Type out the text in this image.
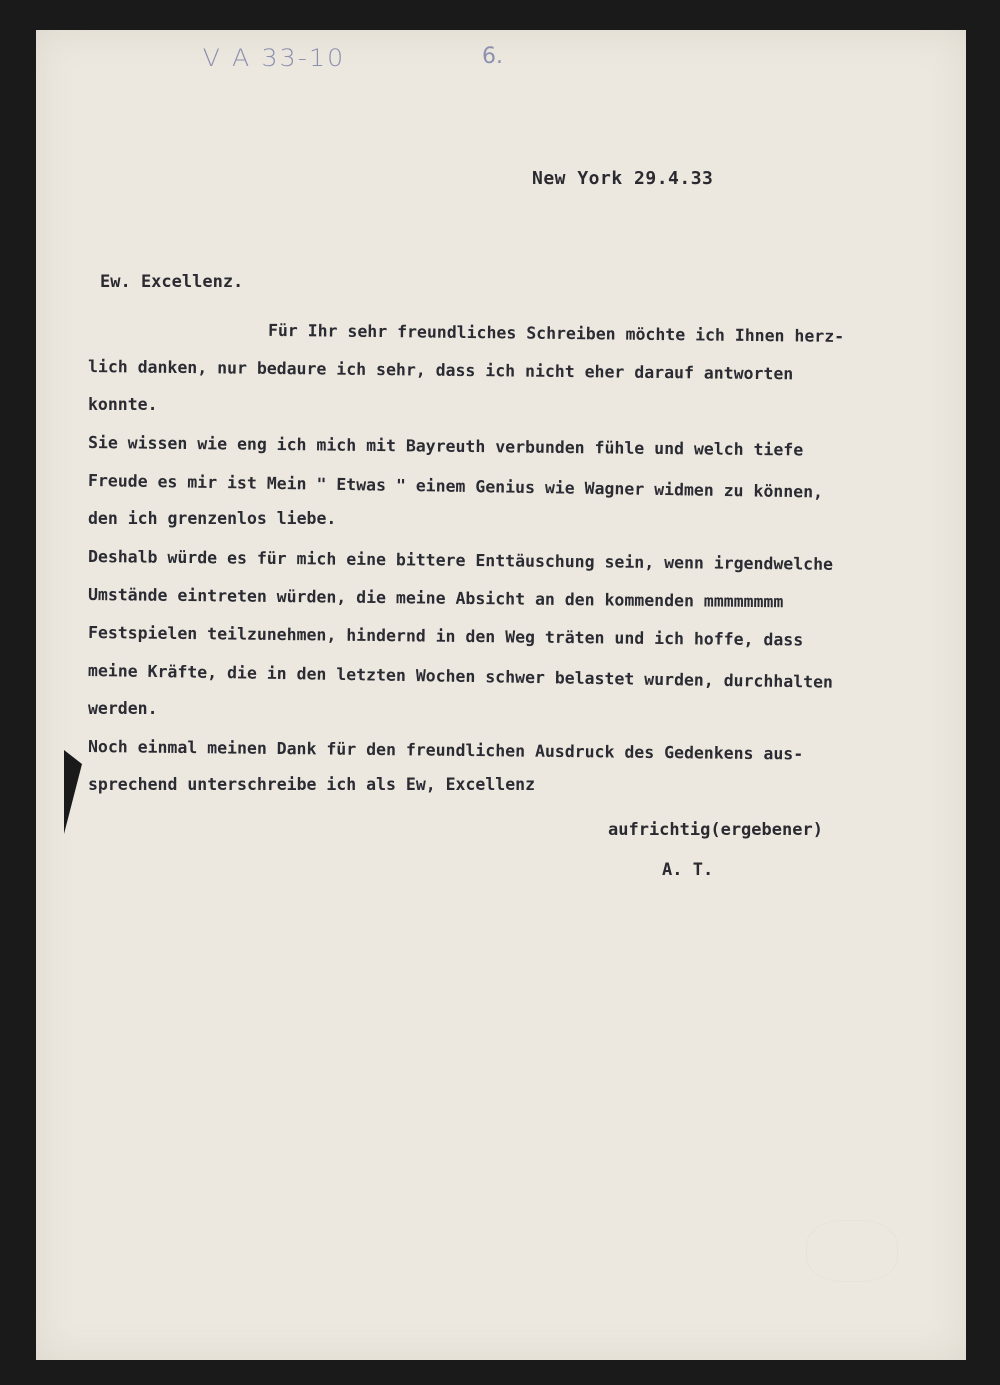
V A 33-10	6.
New York 29.4.33
Ew. Excellenz.
Für Ihr sehr freundliches Schreiben möchte ich Ihnen herz-
lich danken, nur bedaure ich sehr, dass ich nicht eher darauf antworten
konnte.
Sie wissen wie eng ich mich mit Bayreuth verbunden fühle und welch tiefe
Freude es mir ist Mein " Etwas " einem Genius wie Wagner widmen zu können,
den ich grenzenlos liebe.
Deshalb würde es für mich eine bittere Enttäuschung sein, wenn irgendwelche
Umstände eintreten würden, die meine Absicht an den kommenden mmmmmmmm
Festspielen teilzunehmen, hindernd in den Weg träten und ich hoffe, dass
meine Kräfte, die in den letzten Wochen schwer belastet wurden, durchhalten
werden.
Noch einmal meinen Dank für den freundlichen Ausdruck des Gedenkens aus-
sprechend unterschreibe ich als Ew, Excellenz
aufrichtig(ergebener)
A. T.
